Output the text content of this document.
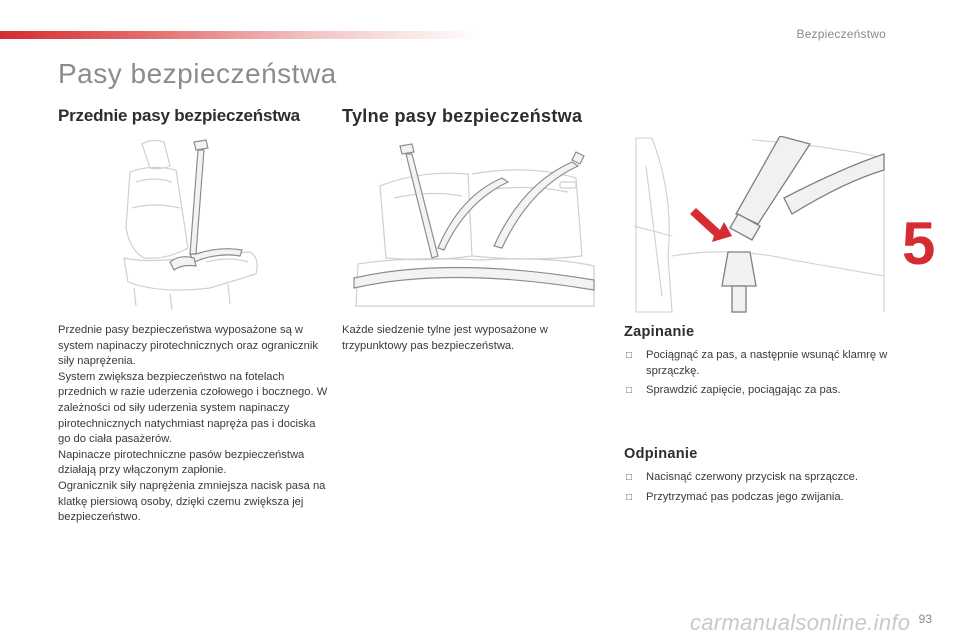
Bezpieczeństwo
Pasy bezpieczeństwa
Przednie pasy bezpieczeństwa Tylne pasy bezpieczeństwa
5

Przednie pasy bezpieczeństwa wyposażone są w system napinaczy pirotechnicznych oraz ogranicznik siły naprężenia.

System zwiększa bezpieczeństwo na fotelach przednich w razie uderzenia czołowego i bocznego. W zależności od siły uderzenia system napinaczy pirotechnicznych natychmiast napręża pas i dociska go do ciała pasażerów.

Napinacze pirotechniczne pasów bezpieczeństwa działają przy włączonym zapłonie.

Ogranicznik siły naprężenia zmniejsza nacisk pasa na klatkę piersiową osoby, dzięki czemu zwiększa jej bezpieczeństwo.

Każde siedzenie tylne jest wyposażone w trzypunktowy pas bezpieczeństwa.

Zapinanie
□ Pociągnąć za pas, a następnie wsunąć klamrę w sprzączkę.
□ Sprawdzić zapięcie, pociągając za pas.
Odpinanie
□ Nacisnąć czerwony przycisk na sprzączce.
□ Przytrzymać pas podczas jego zwijania.
carmanualsonline.info 93
